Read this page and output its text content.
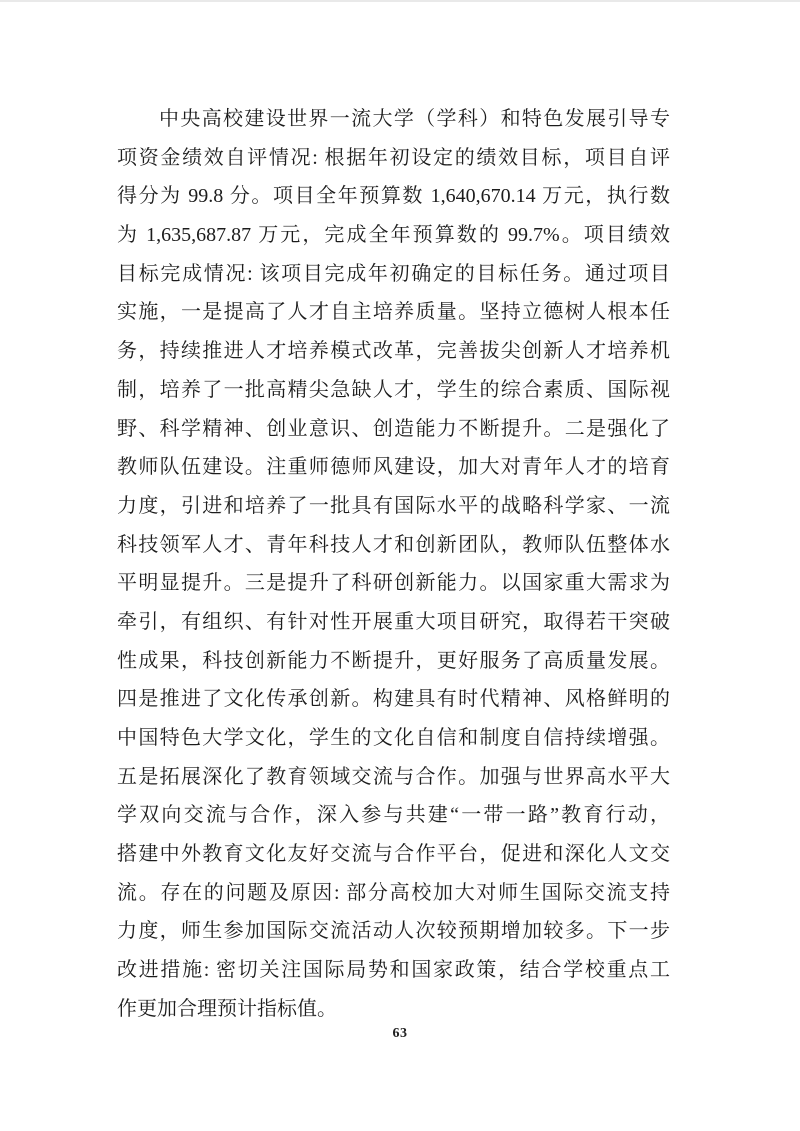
中央高校建设世界一流大学（学科）和特色发展引导专
项资金绩效自评情况: 根据年初设定的绩效目标，项目自评
得分为 99.8 分。项目全年预算数 1,640,670.14 万元，执行数
为 1,635,687.87 万元，完成全年预算数的 99.7%。项目绩效
目标完成情况: 该项目完成年初确定的目标任务。通过项目
实施，一是提高了人才自主培养质量。坚持立德树人根本任
务，持续推进人才培养模式改革，完善拔尖创新人才培养机
制，培养了一批高精尖急缺人才，学生的综合素质、国际视
野、科学精神、创业意识、创造能力不断提升。二是强化了
教师队伍建设。注重师德师风建设，加大对青年人才的培育
力度，引进和培养了一批具有国际水平的战略科学家、一流
科技领军人才、青年科技人才和创新团队，教师队伍整体水
平明显提升。三是提升了科研创新能力。以国家重大需求为
牵引，有组织、有针对性开展重大项目研究，取得若干突破
性成果，科技创新能力不断提升，更好服务了高质量发展。
四是推进了文化传承创新。构建具有时代精神、风格鲜明的
中国特色大学文化，学生的文化自信和制度自信持续增强。
五是拓展深化了教育领域交流与合作。加强与世界高水平大
学双向交流与合作，深入参与共建“一带一路”教育行动，
搭建中外教育文化友好交流与合作平台，促进和深化人文交
流。存在的问题及原因: 部分高校加大对师生国际交流支持
力度，师生参加国际交流活动人次较预期增加较多。下一步
改进措施: 密切关注国际局势和国家政策，结合学校重点工
作更加合理预计指标值。
63
